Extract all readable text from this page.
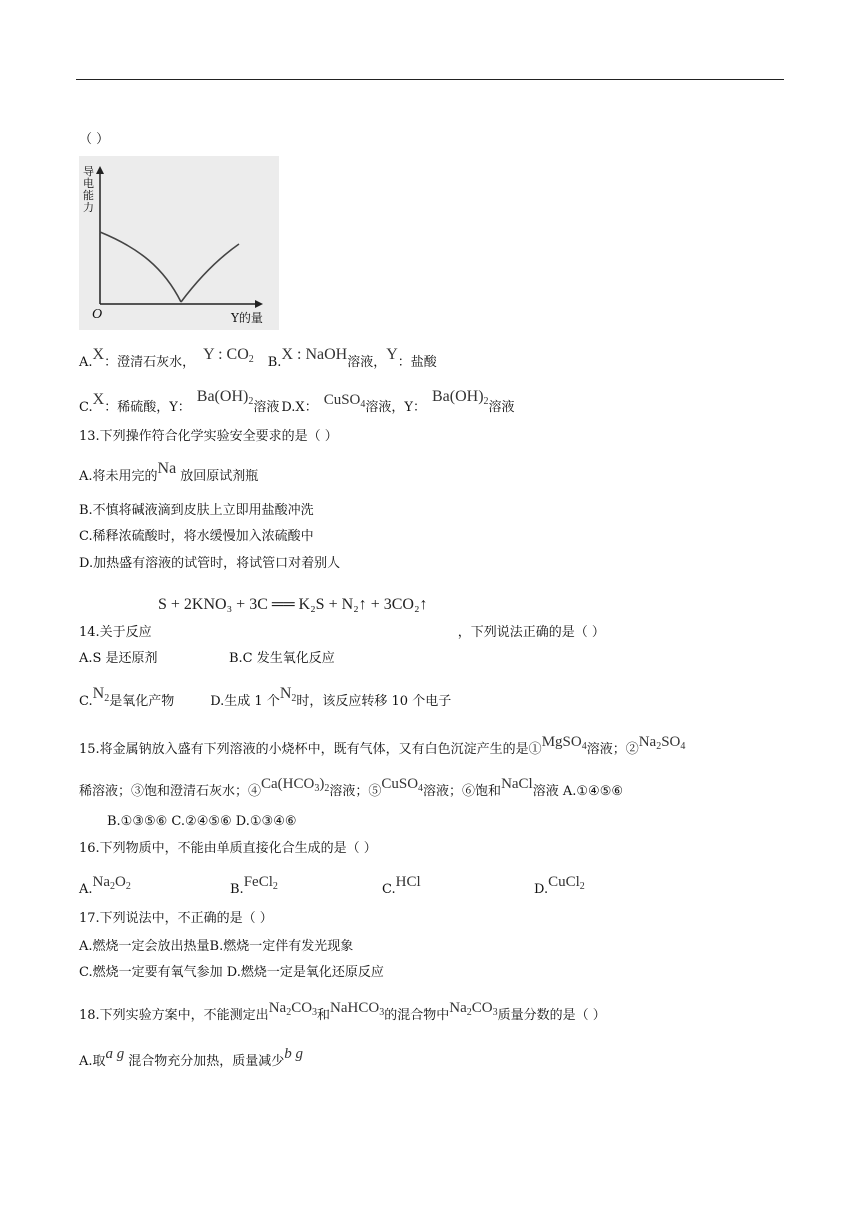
（ ）
导电能力
O	Y的量
A.X：澄清石灰水， Y : $CO_2$ B.X : NaOH溶液，Y：盐酸
C.X：稀硫酸，Y：$Ba(OH)_2$溶液 D.X： CuSO$_4$溶液，Y：$Ba(OH)_2$溶液
13.下列操作符合化学实验安全要求的是（ ）
A.将未用完的Na 放回原试剂瓶
B.不慎将碱液滴到皮肤上立即用盐酸冲洗
C.稀释浓硫酸时，将水缓慢加入浓硫酸中
D.加热盛有溶液的试管时，将试管口对着别人
S + 2KNO₃ + 3C ══ K₂S + N₂↑ + 3CO₂↑
14.关于反应	，下列说法正确的是（ ）
A.S 是还原剂	B.C 发生氧化反应
$C.N_2$是氧化产物	D.生成 1 个$N_2$时，该反应转移 10 个电子
15.将金属钠放入盛有下列溶液的小烧杯中，既有气体，又有白色沉淀产生的是①MgSO$_4$溶液；$②Na_2SO_4$
稀溶液；③饱和澄清石灰水；$④Ca(HCO_3)_2$溶液；⑤CuSO$_4$溶液；⑥饱和NaCl溶液 A.①④⑤⑥
B.①③⑤⑥ C.②④⑤⑥ D.①③④⑥
16.下列物质中，不能由单质直接化合生成的是（ ）
$A.Na_2O_2$	B.FeCl$_2$	C.HCl	D.CuCl$_2$
17.下列说法中，不正确的是（ ）
A.燃烧一定会放出热量B.燃烧一定伴有发光现象
C.燃烧一定要有氧气参加 D.燃烧一定是氧化还原反应
18.下列实验方案中，不能测定出$Na_2CO_3$和NaHCO$_3$的混合物中$Na_2CO_3$质量分数的是（ ）
A.取a g 混合物充分加热，质量减少b g
